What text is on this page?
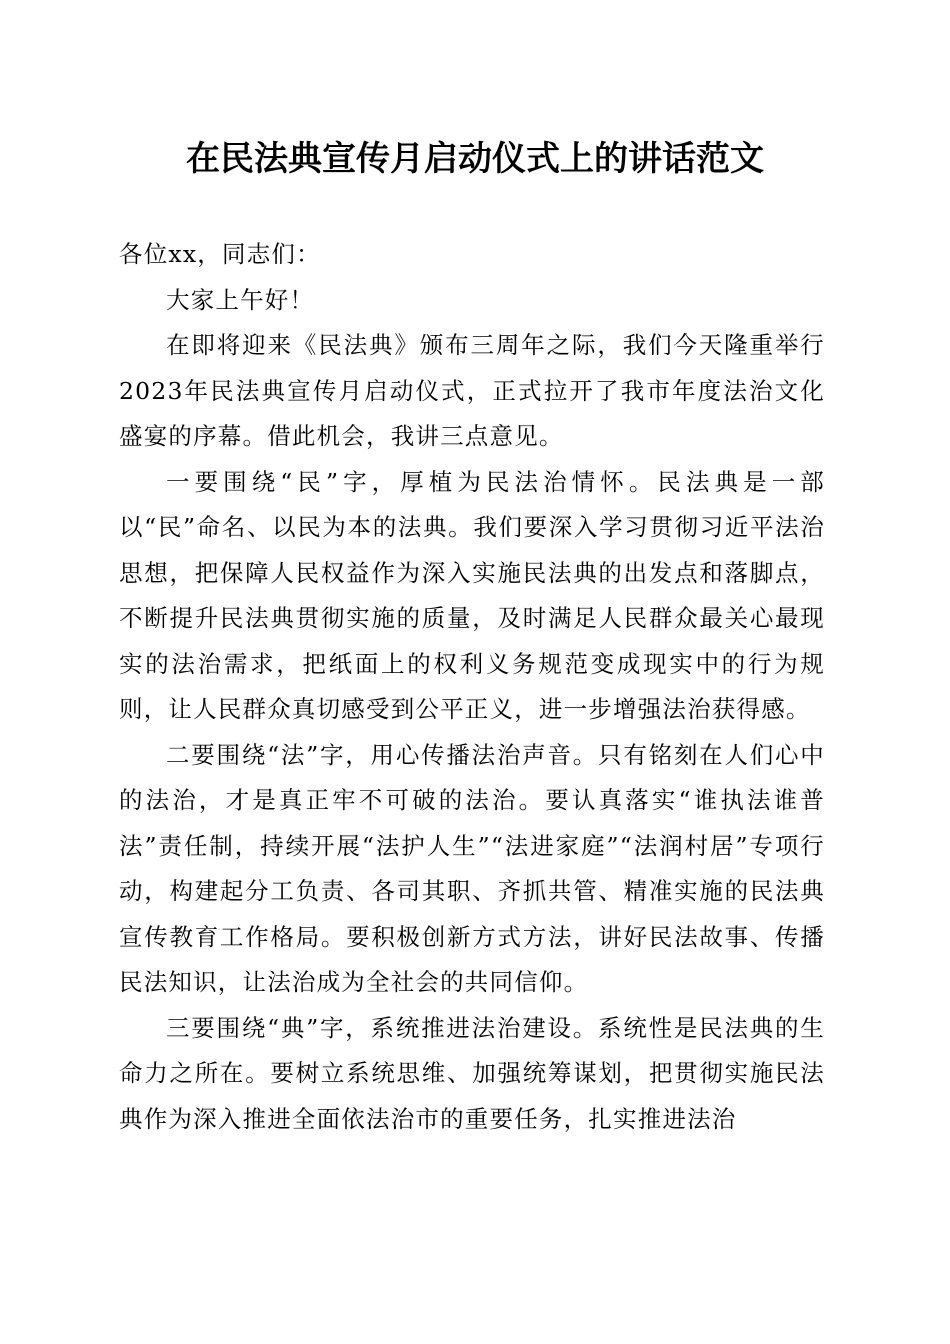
在民法典宣传月启动仪式上的讲话范文

各位xx，同志们：

大家上午好！

在即将迎来《民法典》颁布三周年之际，我们今天隆重举行2023年民法典宣传月启动仪式，正式拉开了我市年度法治文化盛宴的序幕。借此机会，我讲三点意见。

一要围绕“民”字，厚植为民法治情怀。民法典是一部以“民”命名、以民为本的法典。我们要深入学习贯彻习近平法治思想，把保障人民权益作为深入实施民法典的出发点和落脚点，不断提升民法典贯彻实施的质量，及时满足人民群众最关心最现实的法治需求，把纸面上的权利义务规范变成现实中的行为规则，让人民群众真切感受到公平正义，进一步增强法治获得感。

二要围绕“法”字，用心传播法治声音。只有铭刻在人们心中的法治，才是真正牢不可破的法治。要认真落实“谁执法谁普法”责任制，持续开展“法护人生”“法进家庭”“法润村居”专项行动，构建起分工负责、各司其职、齐抓共管、精准实施的民法典宣传教育工作格局。要积极创新方式方法，讲好民法故事、传播民法知识，让法治成为全社会的共同信仰。

三要围绕“典”字，系统推进法治建设。系统性是民法典的生命力之所在。要树立系统思维、加强统筹谋划，把贯彻实施民法典作为深入推进全面依法治市的重要任务，扎实推进法治
